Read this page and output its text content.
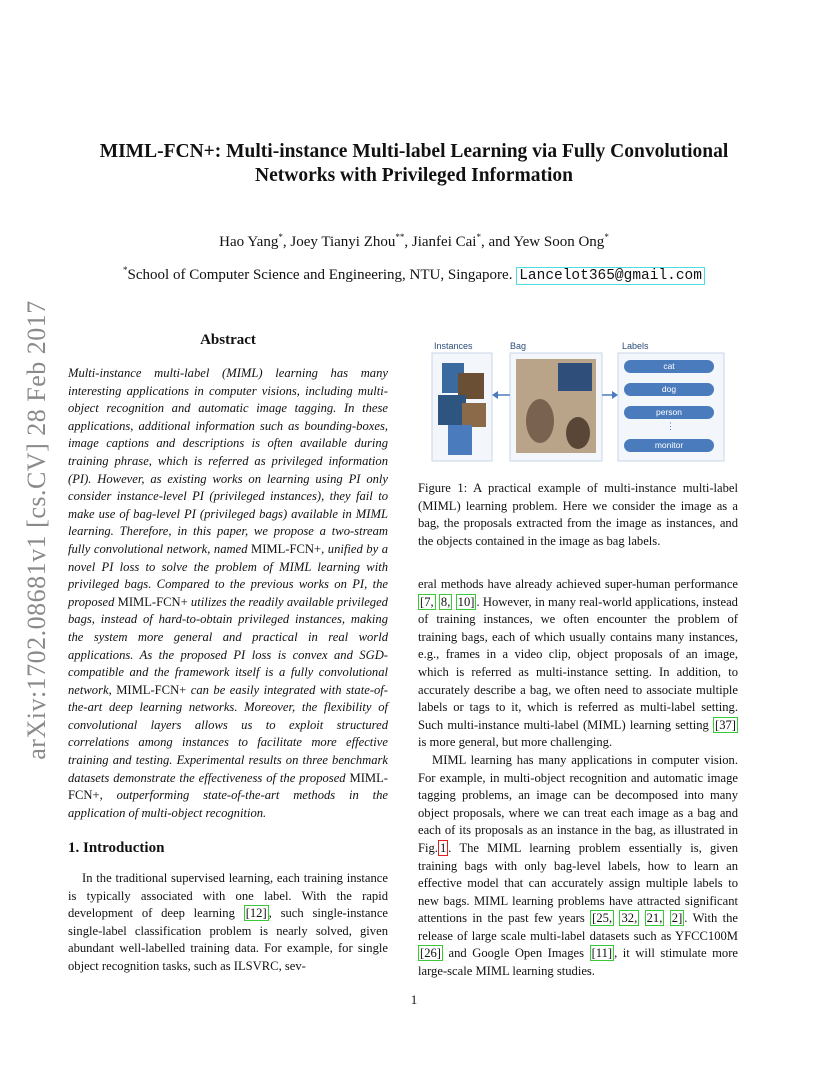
arXiv:1702.08681v1 [cs.CV] 28 Feb 2017
MIML-FCN+: Multi-instance Multi-label Learning via Fully Convolutional Networks with Privileged Information
Hao Yang*, Joey Tianyi Zhou**, Jianfei Cai*, and Yew Soon Ong*
*School of Computer Science and Engineering, NTU, Singapore. Lancelot365@gmail.com
Abstract
Multi-instance multi-label (MIML) learning has many interesting applications in computer visions, including multi-object recognition and automatic image tagging. In these applications, additional information such as bounding-boxes, image captions and descriptions is often available during training phrase, which is referred as privileged information (PI). However, as existing works on learning using PI only consider instance-level PI (privileged instances), they fail to make use of bag-level PI (privileged bags) available in MIML learning. Therefore, in this paper, we propose a two-stream fully convolutional network, named MIML-FCN+, unified by a novel PI loss to solve the problem of MIML learning with privileged bags. Compared to the previous works on PI, the proposed MIML-FCN+ utilizes the readily available privileged bags, instead of hard-to-obtain privileged instances, making the system more general and practical in real world applications. As the proposed PI loss is convex and SGD-compatible and the framework itself is a fully convolutional network, MIML-FCN+ can be easily integrated with state-of-the-art deep learning networks. Moreover, the flexibility of convolutional layers allows us to exploit structured correlations among instances to facilitate more effective training and testing. Experimental results on three benchmark datasets demonstrate the effectiveness of the proposed MIML-FCN+, outperforming state-of-the-art methods in the application of multi-object recognition.
1. Introduction
In the traditional supervised learning, each training instance is typically associated with one label. With the rapid development of deep learning [12] , such single-instance single-label classification problem is nearly solved, given abundant well-labelled training data. For example, for single object recognition tasks, such as ILSVRC, sev-
Instances	Bag	Labels
cat
dog
person
⋮
monitor
Figure 1: A practical example of multi-instance multi-label (MIML) learning problem. Here we consider the image as a bag, the proposals extracted from the image as instances, and the objects contained in the image as bag labels.

eral methods have already achieved super-human performance [7, 8, 10] . However, in many real-world applications, instead of training instances, we often encounter the problem of training bags, each of which usually contains many instances, e.g., frames in a video clip, object proposals of an image, which is referred as multi-instance setting. In addition, to accurately describe a bag, we often need to associate multiple labels or tags to it, which is referred as multi-label setting. Such multi-instance multi-label (MIML) learning setting [37] is more general, but more challenging.

MIML learning has many applications in computer vision. For example, in multi-object recognition and automatic image tagging problems, an image can be decomposed into many object proposals, where we can treat each image as a bag and each of its proposals as an instance in the bag, as illustrated in Fig. 1 . The MIML learning problem essentially is, given training bags with only bag-level labels, how to learn an effective model that can accurately assign multiple labels to new bags. MIML learning problems have attracted significant attentions in the past few years [25, 32, 21, 2] . With the release of large scale multi-label datasets such as YFCC100M [26] and Google Open Images [11] , it will stimulate more large-scale MIML learning studies.

1
